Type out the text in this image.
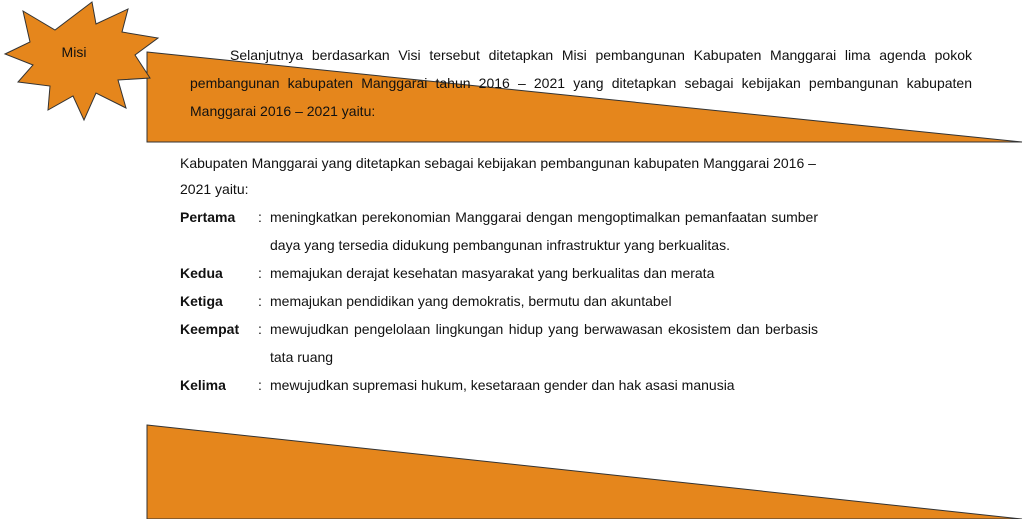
Misi	Selanjutnya berdasarkan Visi tersebut ditetapkan Misi pembangunan Kabupaten Manggarai lima agenda pokok pembangunan kabupaten Manggarai tahun 2016 – 2021 yang ditetapkan sebagai kebijakan pembangunan kabupaten Manggarai 2016 – 2021 yaitu:

Kabupaten Manggarai yang ditetapkan sebagai kebijakan pembangunan kabupaten Manggarai 2016 – 2021 yaitu:

Pertama	: meningkatkan perekonomian Manggarai dengan mengoptimalkan pemanfaatan sumber daya yang tersedia didukung pembangunan infrastruktur yang berkualitas.
Kedua	: memajukan derajat kesehatan masyarakat yang berkualitas dan merata
Ketiga	: memajukan pendidikan yang demokratis, bermutu dan akuntabel
Keempat	: mewujudkan pengelolaan lingkungan hidup yang berwawasan ekosistem dan berbasis tata ruang
Kelima	: mewujudkan supremasi hukum, kesetaraan gender dan hak asasi manusia
